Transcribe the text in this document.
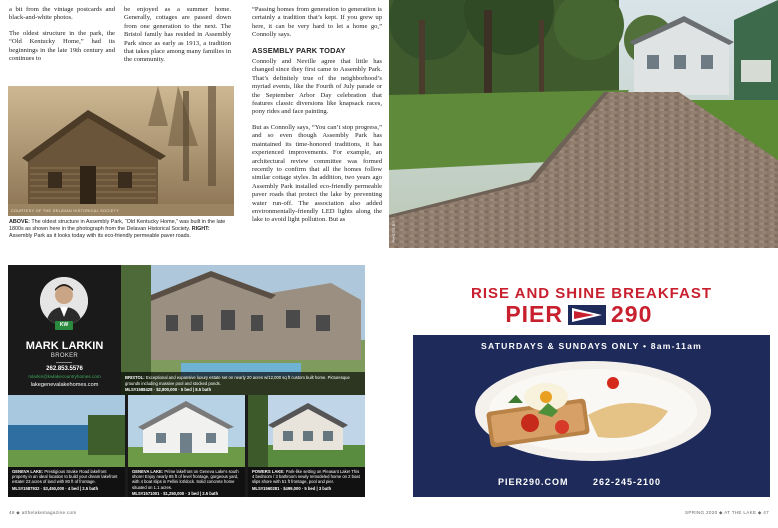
a bit from the vintage postcards and black-and-white photos.

The oldest structure in the park, the “Old Kentucky Home,” had its beginnings in the late 19th century and continues to

be enjoyed as a summer home. Generally, cottages are passed down from one generation to the next. The Bristol family has resided in Assembly Park since as early as 1913, a tradition that takes place among many families in the community.

COURTESY OF THE DELAVAN HISTORICAL SOCIETY
ABOVE: The oldest structure in Assembly Park, “Old Kentucky Home,” was built in the late 1800s as shown here in the photograph from the Delavan Historical Society. RIGHT: Assembly Park as it looks today with its eco-friendly permeable paver roads.

“Passing homes from generation to generation is certainly a tradition that’s kept. If you grew up here, it can be very hard to let a home go,” Connolly says.

ASSEMBLY PARK TODAY

Connolly and Neville agree that little has changed since they first came to Assembly Park. That’s definitely true of the neighborhood’s myriad events, like the Fourth of July parade or the September Arbor Day celebration that features classic diversions like knapsack races, pony rides and face painting.

But as Connolly says, “You can’t stop progress,” and so even though Assembly Park has maintained its time-honored traditions, it has experienced improvements. For example, an architectural review committee was formed recently to confirm that all the homes follow similar cottage styles. In addition, two years ago Assembly Park installed eco-friendly permeable paver roads that protect the lake by preventing water run-off. The association also added environmentally-friendly LED lights along the lake to avoid light pollution. But as	PHOTO BY ...
KW
MARK LARKIN
BROKER
262.853.5576
mlarkin@kwlakecountryhomes.com
lakegenevalakehomes.com
BRISTOL: Exceptional and expansive luxury estate set on nearly 20 acres w/12,000 sq ft custom built home. Picturesque grounds including massive pool and stocked ponds.
MLS#1588428 · $2,800,000 · 5 bed | 8.5 bath
GENEVA LAKE: Prestigious Snake Road lakefront property in an ideal location to build your dream lakefront estate! 23 acres of land with 80 ft of frontage.
MLS#1587932 · $3,450,000 · 4 bed | 2.5 bath
GENEVA LAKE: Prime lakefront on Geneva Lake's south shore! Enjoy nearly 85 ft of level frontage, gorgeous yard, with 4 boat slips in Fellini lot/dock. Solid concrete home situated on 1.1 acres.
MLS#1571001 · $1,250,000 · 3 bed | 2.5 bath
POWERS LAKE: Park-like setting on Pleasant Lake! This 4 bedroom / 3 bathroom newly remodeled home on 2 boat slips shore with 51 ft frontage, pool and pier.
MLS#1560281 · $499,000 · 5 bed | 3 bath
RISE AND SHINE BREAKFAST
PIER 290
SATURDAYS & SUNDAYS ONLY • 8am-11am
PIER290.COM	262-245-2100
46 ◆ atthelakemagazine.com	SPRING 2020 ◆ AT THE LAKE ◆ 47
